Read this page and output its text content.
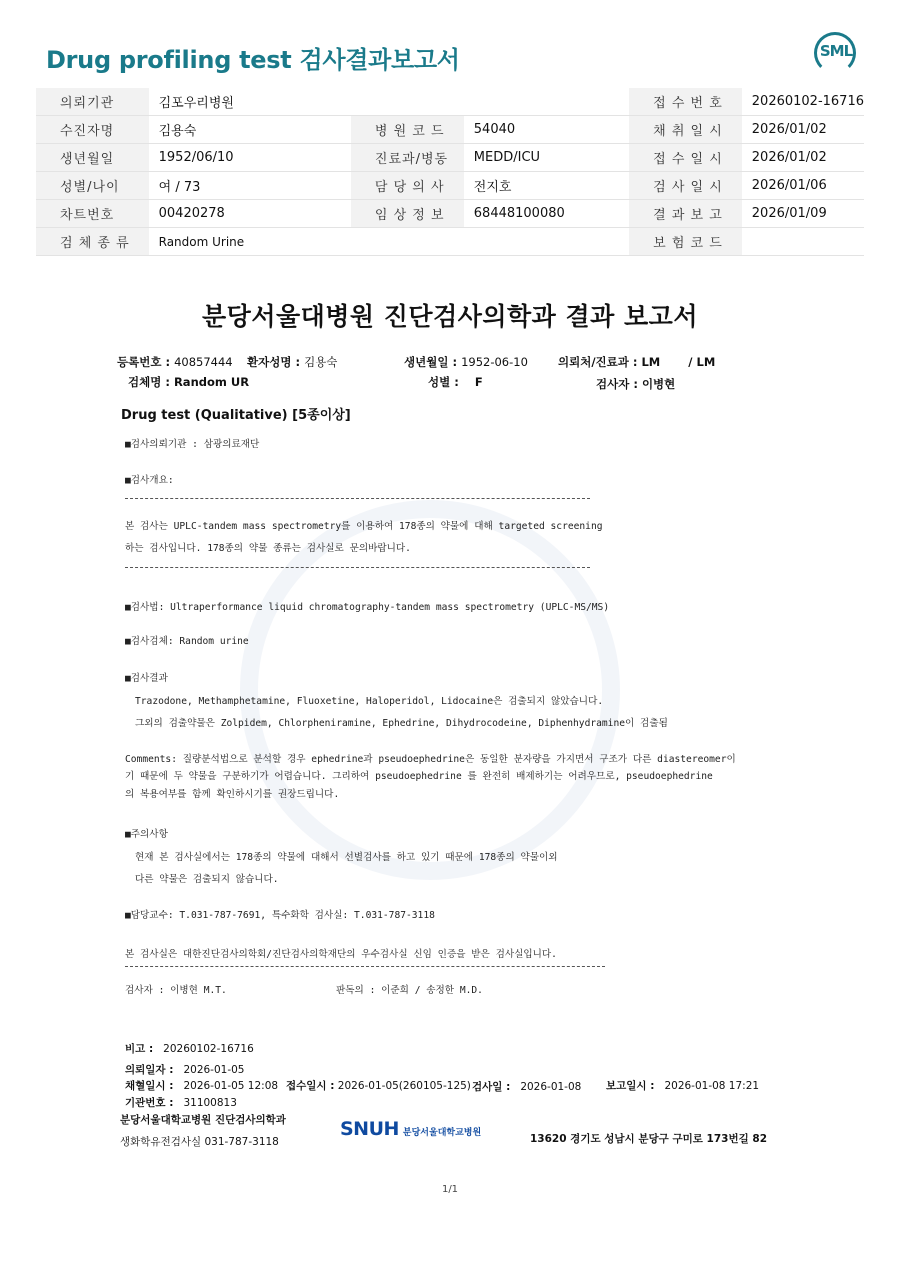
Drug profiling test 검사결과보고서	SML
의뢰기관	김포우리병원			접 수 번 호	20260102-16716
수진자명	김용숙	병 원 코 드	54040	채 취 일 시	2026/01/02
생년월일	1952/06/10	진료과/병동	MEDD/ICU	접 수 일 시	2026/01/02
성별/나이	여 / 73	담 당 의 사	전지호	검 사 일 시	2026/01/06
차트번호	00420278	임 상 정 보	68448100080	결 과 보 고	2026/01/09
검 체 종 류	Random Urine			보 험 코 드	
분당서울대병원 진단검사의학과 결과 보고서
등록번호 : 40857444 환자성명 : 김용숙	생년월일 : 1952-06-10	의뢰처/진료과 : LM / LM
검체명 : Random UR	성별 : F	검사자 : 이병현
Drug test (Qualitative) [5종이상]
■검사의뢰기관 : 삼광의료재단
■검사개요:
본 검사는 UPLC-tandem mass spectrometry를 이용하여 178종의 약물에 대해 targeted screening
하는 검사입니다. 178종의 약물 종류는 검사실로 문의바랍니다.
■검사법: Ultraperformance liquid chromatography-tandem mass spectrometry (UPLC-MS/MS)
■검사검체: Random urine
■검사결과
Trazodone, Methamphetamine, Fluoxetine, Haloperidol, Lidocaine은 검출되지 않았습니다.
그외의 검출약물은 Zolpidem, Chlorpheniramine, Ephedrine, Dihydrocodeine, Diphenhydramine이 검출됨
Comments: 질량분석법으로 분석할 경우 ephedrine과 pseudoephedrine은 동일한 분자량을 가지면서 구조가 다른 diastereomer이
기 때문에 두 약물을 구분하기가 어렵습니다. 그리하여 pseudoephedrine 를 완전히 배제하기는 어려우므로, pseudoephedrine
의 복용여부를 함께 확인하시기를 권장드립니다.
■주의사항
현재 본 검사실에서는 178종의 약물에 대해서 선별검사를 하고 있기 때문에 178종의 약물이외
다른 약물은 검출되지 않습니다.
■담당교수: T.031-787-7691, 특수화학 검사실: T.031-787-3118
본 검사실은 대한진단검사의학회/진단검사의학재단의 우수검사실 신임 인증을 받은 검사실입니다.
검사자 : 이병현 M.T.	판독의 : 이준희 / 송정한 M.D.
비고 : 20260102-16716
의뢰일자 : 2026-01-05
채혈일시 : 2026-01-05 12:08 접수일시 : 2026-01-05(260105-125) 검사일 : 2026-01-08 보고일시 : 2026-01-08 17:21
기관번호 : 31100813
분당서울대학교병원 진단검사의학과
생화학유전검사실 031-787-3118
SNUH 분당서울대학교병원	13620 경기도 성남시 분당구 구미로 173번길 82
1/1
